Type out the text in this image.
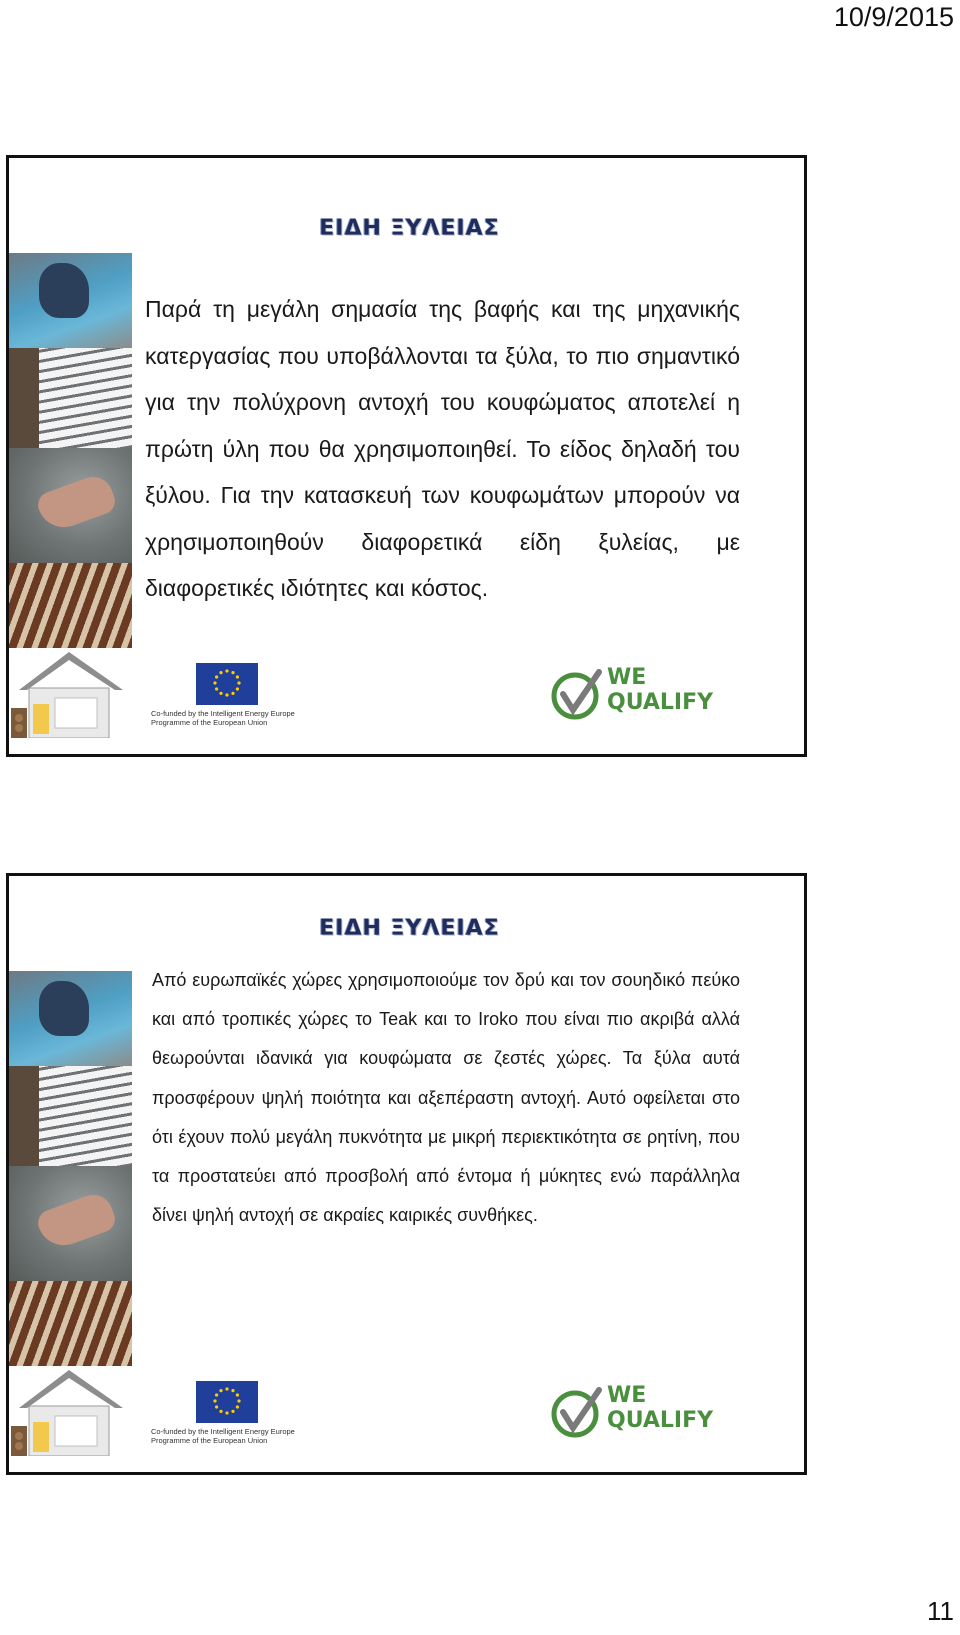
10/9/2015
ΕΙΔΗ ΞΥΛΕΙΑΣ
Παρά τη μεγάλη σημασία της βαφής και της μηχανικής κατεργασίας που υποβάλλονται τα ξύλα, το πιο σημαντικό για την πολύχρονη αντοχή του κουφώματος αποτελεί η πρώτη ύλη που θα χρησιμοποιηθεί. Το είδος δηλαδή του ξύλου. Για την κατασκευή των κουφωμάτων μπορούν να χρησιμοποιηθούν διαφορετικά είδη ξυλείας, με διαφορετικές ιδιότητες και κόστος.
Co-funded by the Intelligent Energy Europe
Programme of the European Union
WE
QUALIFY
ΕΙΔΗ ΞΥΛΕΙΑΣ
Από ευρωπαϊκές χώρες χρησιμοποιούμε τον δρύ και τον σουηδικό πεύκο και από τροπικές χώρες το Teak και το Iroko που είναι πιο ακριβά αλλά θεωρούνται ιδανικά για κουφώματα σε ζεστές χώρες. Τα ξύλα αυτά προσφέρουν ψηλή ποιότητα και αξεπέραστη αντοχή. Αυτό οφείλεται στο ότι έχουν πολύ μεγάλη πυκνότητα με μικρή περιεκτικότητα σε ρητίνη, που τα προστατεύει από προσβολή από έντομα ή μύκητες ενώ παράλληλα δίνει ψηλή αντοχή σε ακραίες καιρικές συνθήκες.
Co-funded by the Intelligent Energy Europe
Programme of the European Union
WE
QUALIFY
11
